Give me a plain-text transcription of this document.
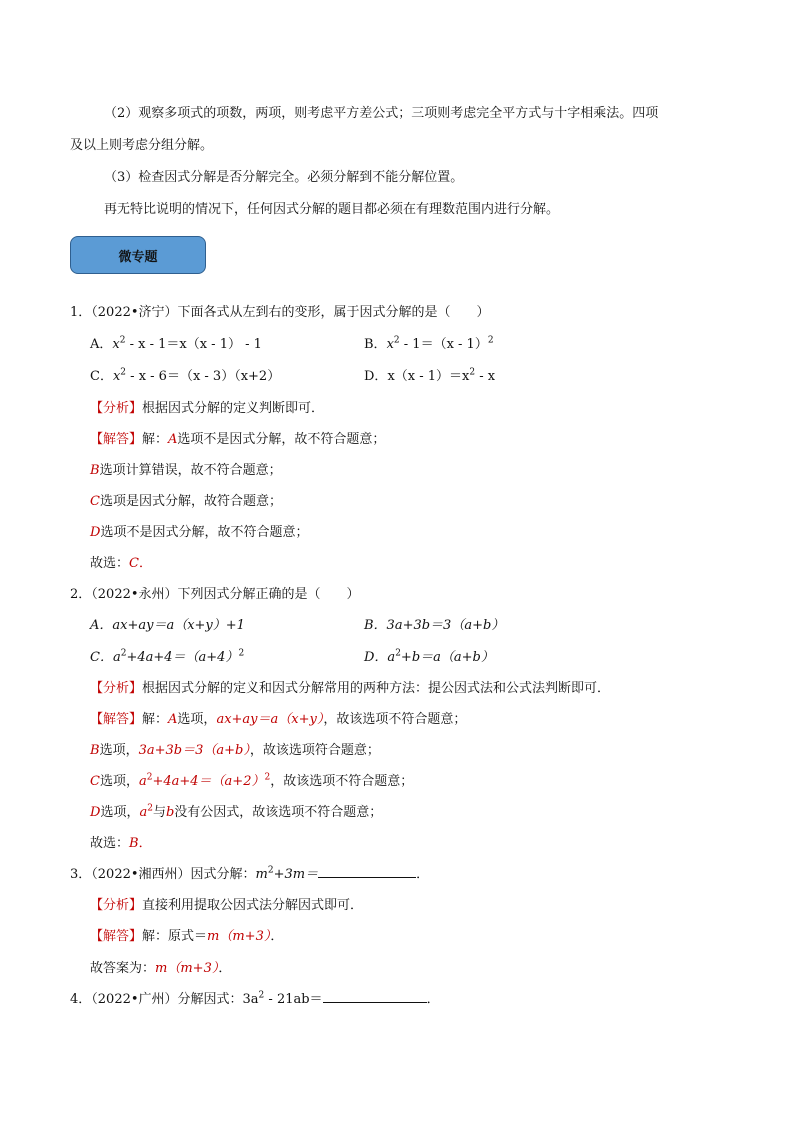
（2）观察多项式的项数，两项，则考虑平方差公式；三项则考虑完全平方式与十字相乘法。四项
及以上则考虑分组分解。
（3）检查因式分解是否分解完全。必须分解到不能分解位置。
再无特比说明的情况下，任何因式分解的题目都必须在有理数范围内进行分解。
微专题
1．（2022•济宁）下面各式从左到右的变形，属于因式分解的是（　　）
A．$x^2 - x - 1=x(x - 1) - 1$	B．$x^2 - 1=(x - 1)^2$
C．$x^2 - x - 6=(x - 3)(x+2)$	D．$x(x - 1)=x^2 - x$
【分析】根据因式分解的定义判断即可．
【解答】解：A选项不是因式分解，故不符合题意；
B选项计算错误，故不符合题意；
C选项是因式分解，故符合题意；
D选项不是因式分解，故不符合题意；
故选：C．
2．（2022•永州）下列因式分解正确的是（　　）
A．ax+ay＝a（x+y）+1	B．3a+3b＝3（a+b）
C．$a^2+4a+4=(a+4)^2$	D．$a^2+b=a(a+b)$
【分析】根据因式分解的定义和因式分解常用的两种方法：提公因式法和公式法判断即可．
【解答】解：A选项，ax+ay＝a（x+y），故该选项不符合题意；
B选项，3a+3b＝3（a+b），故该选项符合题意；
C选项，$a^2+4a+4=(a+2)^2$，故该选项不符合题意；
D选项，$a^2$与b没有公因式，故该选项不符合题意；
故选：B．
3．（2022•湘西州）因式分解：$m^2+3m=$	．
【分析】直接利用提取公因式法分解因式即可．
【解答】解：原式＝m（m+3）．
故答案为：m（m+3）．
4．（2022•广州）分解因式：$3a^2 - 21ab=$	．
